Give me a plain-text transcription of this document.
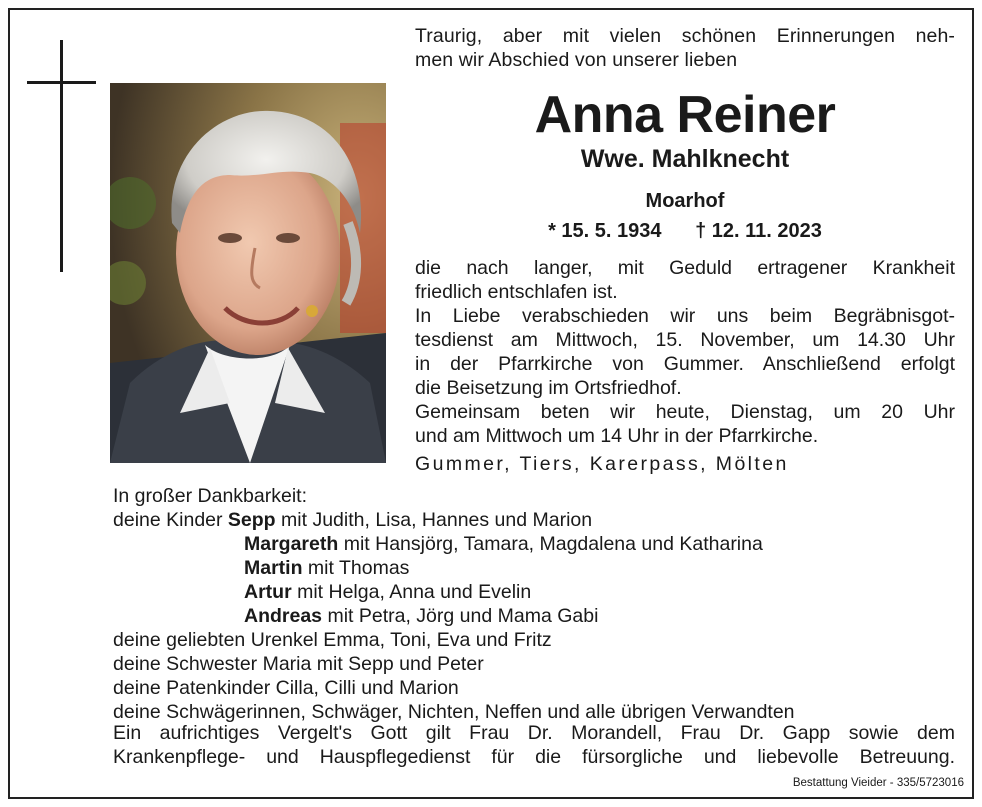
Traurig, aber mit vielen schönen Erinnerungen neh-
men wir Abschied von unserer lieben
Anna Reiner
Wwe. Mahlknecht
Moarhof
* 15. 5. 1934 † 12. 11. 2023
die nach langer, mit Geduld ertragener Krankheit
friedlich entschlafen ist.
In Liebe verabschieden wir uns beim Begräbnisgot-
tesdienst am Mittwoch, 15. November, um 14.30 Uhr
in der Pfarrkirche von Gummer. Anschließend erfolgt
die Beisetzung im Ortsfriedhof.
Gemeinsam beten wir heute, Dienstag, um 20 Uhr
und am Mittwoch um 14 Uhr in der Pfarrkirche.
Gummer, Tiers, Karerpass, Mölten
In großer Dankbarkeit:
deine Kinder Sepp mit Judith, Lisa, Hannes und Marion
Margareth mit Hansjörg, Tamara, Magdalena und Katharina
Martin mit Thomas
Artur mit Helga, Anna und Evelin
Andreas mit Petra, Jörg und Mama Gabi
deine geliebten Urenkel Emma, Toni, Eva und Fritz
deine Schwester Maria mit Sepp und Peter
deine Patenkinder Cilla, Cilli und Marion
deine Schwägerinnen, Schwäger, Nichten, Neffen und alle übrigen Verwandten
Ein aufrichtiges Vergelt's Gott gilt Frau Dr. Morandell, Frau Dr. Gapp sowie dem
Krankenpflege- und Hauspflegedienst für die fürsorgliche und liebevolle Betreuung.
Bestattung Vieider - 335/5723016
